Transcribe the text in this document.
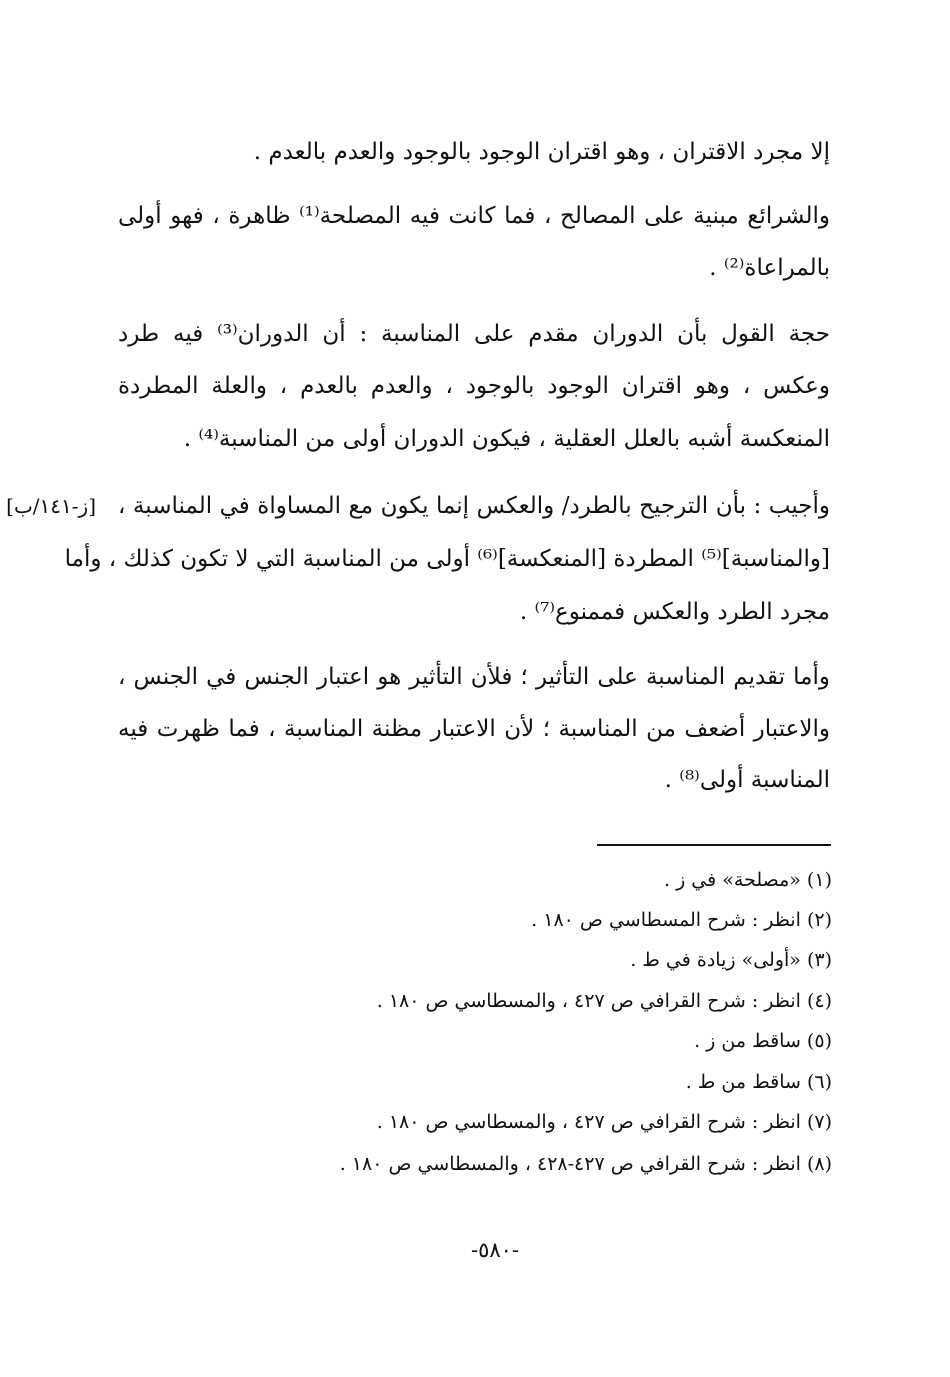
إلا مجرد الاقتران ، وهو اقتران الوجود بالوجود والعدم بالعدم .
والشرائع مبنية على المصالح ، فما كانت فيه المصلحة⁽¹⁾ ظاهرة ، فهو أولى
بالمراعاة⁽²⁾ .
حجة القول بأن الدوران مقدم على المناسبة : أن الدوران⁽³⁾ فيه طرد
وعكس ، وهو اقتران الوجود بالوجود ، والعدم بالعدم ، والعلة المطردة
المنعكسة أشبه بالعلل العقلية ، فيكون الدوران أولى من المناسبة⁽⁴⁾ .
[ز-١٤١/ب] وأجيب : بأن الترجيح بالطرد/ والعكس إنما يكون مع المساواة في المناسبة ،
[والمناسبة]⁽⁵⁾ المطردة [المنعكسة]⁽⁶⁾ أولى من المناسبة التي لا تكون كذلك ، وأما
مجرد الطرد والعكس فممنوع⁽⁷⁾ .
وأما تقديم المناسبة على التأثير ؛ فلأن التأثير هو اعتبار الجنس في الجنس ،
والاعتبار أضعف من المناسبة ؛ لأن الاعتبار مظنة المناسبة ، فما ظهرت فيه
المناسبة أولى⁽⁸⁾ .
(١) «مصلحة» في ز .
(٢) انظر : شرح المسطاسي ص ١٨٠ .
(٣) «أولى» زيادة في ط .
(٤) انظر : شرح القرافي ص ٤٢٧ ، والمسطاسي ص ١٨٠ .
(٥) ساقط من ز .
(٦) ساقط من ط .
(٧) انظر : شرح القرافي ص ٤٢٧ ، والمسطاسي ص ١٨٠ .
(٨) انظر : شرح القرافي ص ٤٢٧-٤٢٨ ، والمسطاسي ص ١٨٠ .
-٥٨٠-
